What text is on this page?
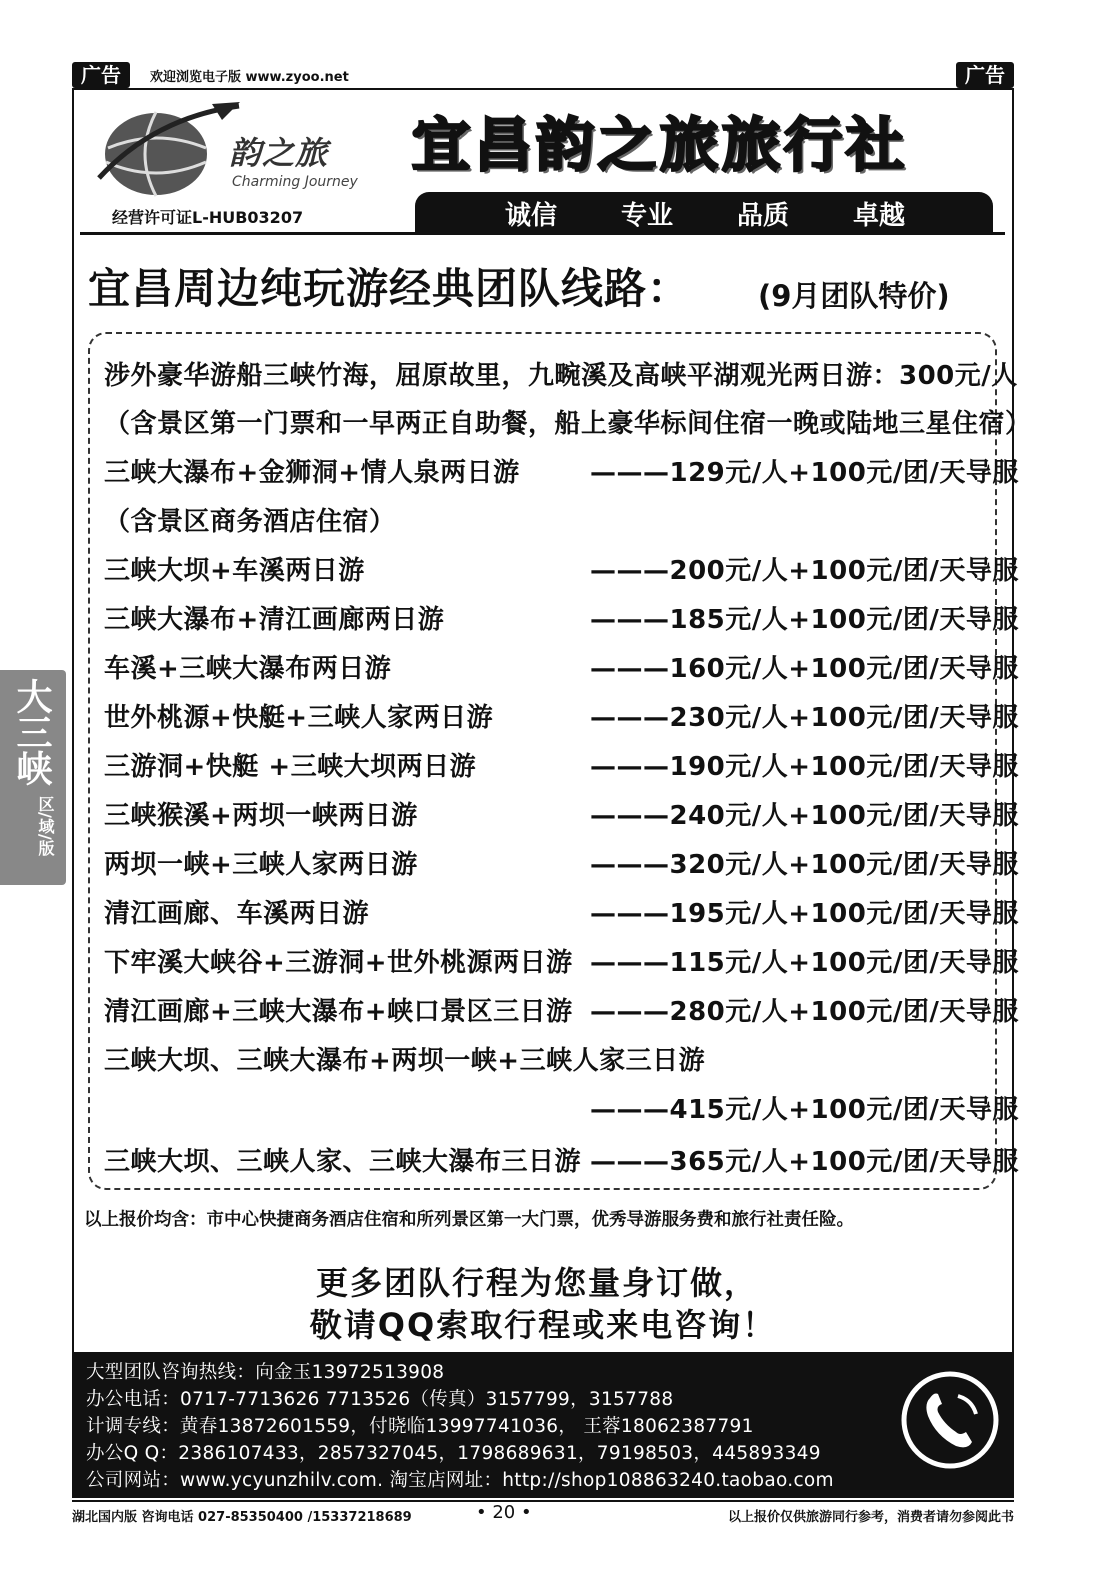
广告	欢迎浏览电子版 www.zyoo.net	广告
韵之旅
Charming Journey
经营许可证L-HUB03207
宜昌韵之旅旅行社
诚信	专业	品质	卓越
宜昌周边纯玩游经典团队线路： (9月团队特价)
涉外豪华游船三峡竹海，屈原故里，九畹溪及高峡平湖观光两日游：300元/人
（含景区第一门票和一早两正自助餐，船上豪华标间住宿一晚或陆地三星住宿）
三峡大瀑布+金狮洞+情人泉两日游	———129元/人+100元/团/天导服
（含景区商务酒店住宿）
三峡大坝+车溪两日游	———200元/人+100元/团/天导服
三峡大瀑布+清江画廊两日游	———185元/人+100元/团/天导服
车溪+三峡大瀑布两日游	———160元/人+100元/团/天导服
世外桃源+快艇+三峡人家两日游	———230元/人+100元/团/天导服
三游洞+快艇 +三峡大坝两日游	———190元/人+100元/团/天导服
三峡猴溪+两坝一峡两日游	———240元/人+100元/团/天导服
两坝一峡+三峡人家两日游	———320元/人+100元/团/天导服
清江画廊、车溪两日游	———195元/人+100元/团/天导服
下牢溪大峡谷+三游洞+世外桃源两日游 ———115元/人+100元/团/天导服
清江画廊+三峡大瀑布+峡口景区三日游 ———280元/人+100元/团/天导服
三峡大坝、三峡大瀑布+两坝一峡+三峡人家三日游
———415元/人+100元/团/天导服
三峡大坝、三峡人家、三峡大瀑布三日游 ———365元/人+100元/团/天导服
以上报价均含：市中心快捷商务酒店住宿和所列景区第一大门票，优秀导游服务费和旅行社责任险。
更多团队行程为您量身订做，
敬请QQ索取行程或来电咨询！
大型团队咨询热线：向金玉13972513908
办公电话：0717-7713626 7713526（传真）3157799，3157788
计调专线：黄春13872601559，付晓临13997741036， 王蓉18062387791
办公Q Q：2386107433，2857327045，1798689631，79198503，445893349
公司网站：www.ycyunzhilv.com. 淘宝店网址：http://shop108863240.taobao.com
大三峡
区/域/版
湖北国内版 咨询电话 027-85350400 /15337218689	• 20 •	以上报价仅供旅游同行参考，消费者请勿参阅此书
